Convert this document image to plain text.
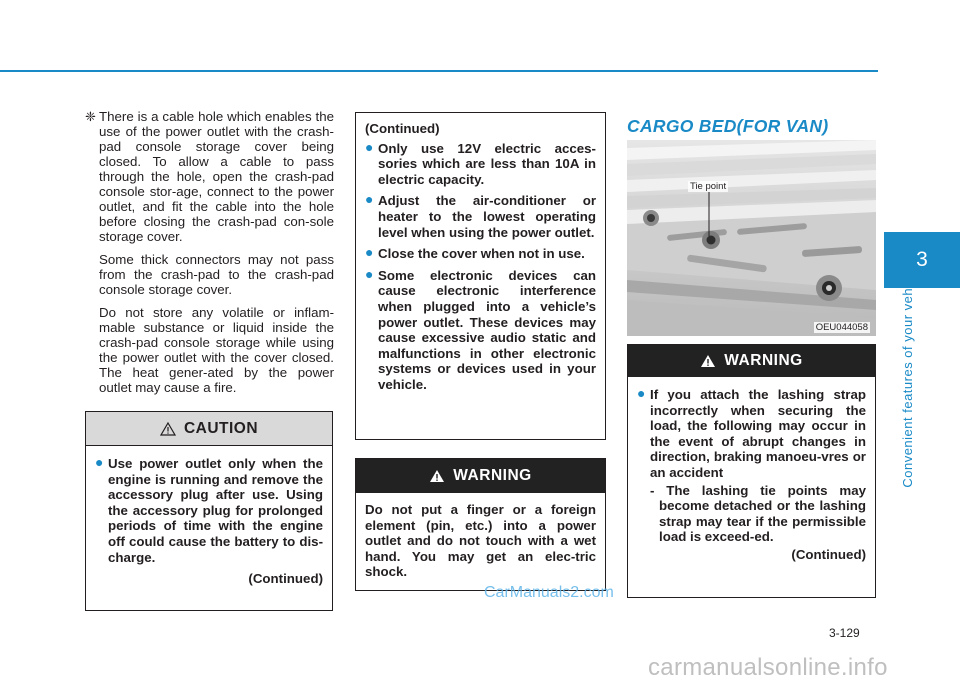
3
Convenient features of your vehicle
❈ There is a cable hole which enables the use of the power outlet with the crash-pad console storage cover being closed. To allow a cable to pass through the hole, open the crash-pad console stor-age, connect to the power outlet, and fit the cable into the hole before closing the crash-pad con-sole storage cover.

Some thick connectors may not pass from the crash-pad to the crash-pad console storage cover.

Do not store any volatile or inflam-mable substance or liquid inside the crash-pad console storage while using the power outlet with the cover closed. The heat gener-ated by the power outlet may cause a fire.

CAUTION
● Use power outlet only when the engine is running and remove the accessory plug after use. Using the accessory plug for prolonged periods of time with the engine off could cause the battery to dis-charge.
(Continued)
(Continued)
● Only use 12V electric acces-sories which are less than 10A in electric capacity.
● Adjust the air-conditioner or heater to the lowest operating level when using the power outlet.
● Close the cover when not in use.
● Some electronic devices can cause electronic interference when plugged into a vehicle’s power outlet. These devices may cause excessive audio static and malfunctions in other electronic systems or devices used in your vehicle.
WARNING
Do not put a finger or a foreign element (pin, etc.) into a power outlet and do not touch with a wet hand. You may get an elec-tric shock.
CARGO BED(FOR VAN)
OEU044058
Tie point
WARNING
● If you attach the lashing strap incorrectly when securing the load, the following may occur in the event of abrupt changes in direction, braking manoeu-vres or an accident
- The lashing tie points may become detached or the lashing strap may tear if the permissible load is exceed-ed.
(Continued)
3-129
CarManuals2.com
carmanualsonline.info
